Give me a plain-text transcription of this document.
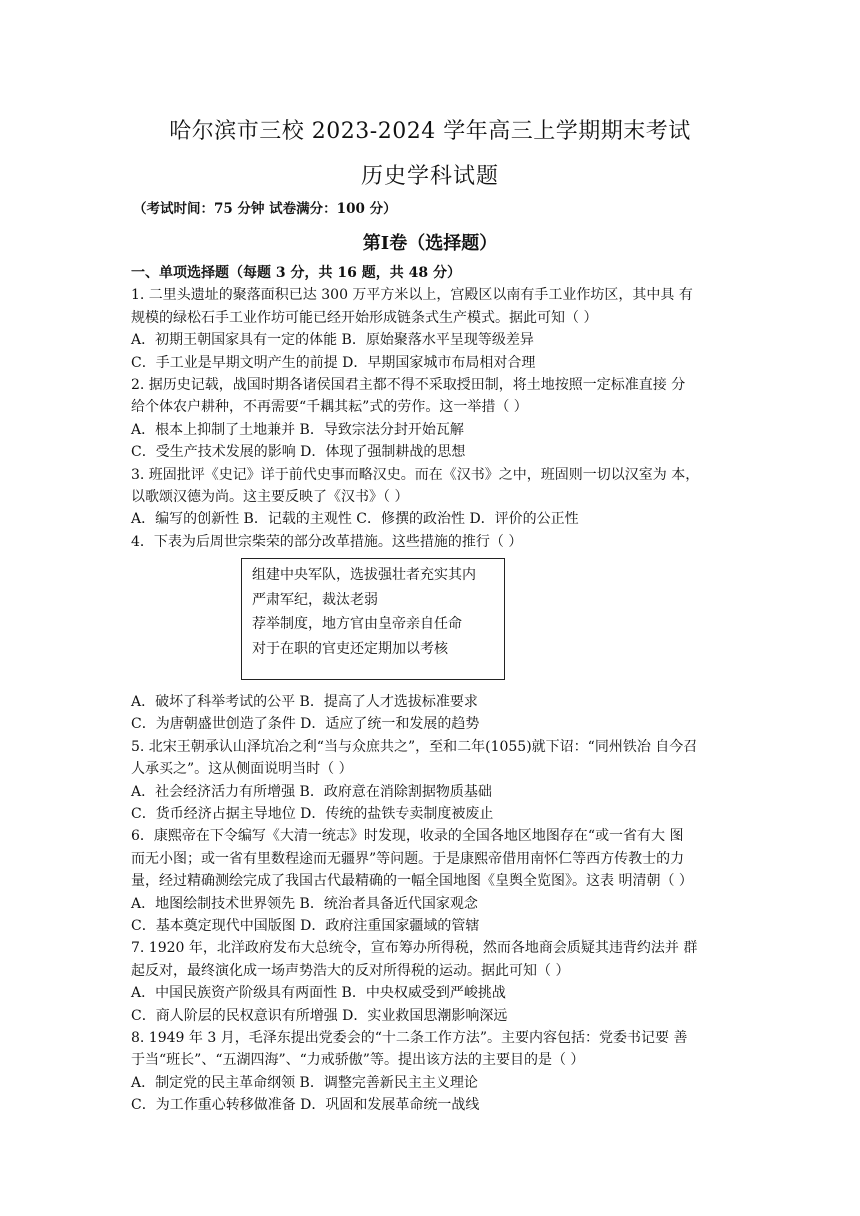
哈尔滨市三校 2023-2024 学年高三上学期期末考试
历史学科试题
（考试时间：75 分钟 试卷满分：100 分）
第Ⅰ卷（选择题）
一、单项选择题（每题 3 分，共 16 题，共 48 分）
1. 二里头遗址的聚落面积已达 300 万平方米以上，宫殿区以南有手工业作坊区，其中具 有
规模的绿松石手工业作坊可能已经开始形成链条式生产模式。据此可知（ ）
A．初期王朝国家具有一定的体能 B．原始聚落水平呈现等级差异
C．手工业是早期文明产生的前提 D．早期国家城市布局相对合理
2. 据历史记载，战国时期各诸侯国君主都不得不采取授田制，将土地按照一定标准直接 分
给个体农户耕种，不再需要“千耦其耘”式的劳作。这一举措（ ）
A．根本上抑制了土地兼并 B．导致宗法分封开始瓦解
C．受生产技术发展的影响 D．体现了强制耕战的思想
3. 班固批评《史记》详于前代史事而略汉史。而在《汉书》之中，班固则一切以汉室为 本，
以歌颂汉德为尚。这主要反映了《汉书》（ ）
A．编写的创新性 B．记载的主观性 C．修撰的政治性 D．评价的公正性
4．下表为后周世宗柴荣的部分改革措施。这些措施的推行（ ）
组建中央军队，选拔强壮者充实其内
严肃军纪，裁汰老弱
荐举制度，地方官由皇帝亲自任命
对于在职的官吏还定期加以考核
A．破坏了科举考试的公平 B．提高了人才选拔标准要求
C．为唐朝盛世创造了条件 D．适应了统一和发展的趋势
5. 北宋王朝承认山泽坑冶之利“当与众庶共之”，至和二年(1055)就下诏：“同州铁冶 自今召
人承买之”。这从侧面说明当时（ ）
A．社会经济活力有所增强 B．政府意在消除割据物质基础
C．货币经济占据主导地位 D．传统的盐铁专卖制度被废止
6．康熙帝在下令编写《大清一统志》时发现，收录的全国各地区地图存在“或一省有大 图
而无小图；或一省有里数程途而无疆界”等问题。于是康熙帝借用南怀仁等西方传教士的力
量，经过精确测绘完成了我国古代最精确的一幅全国地图《皇舆全览图》。这表 明清朝（ ）
A．地图绘制技术世界领先 B．统治者具备近代国家观念
C．基本奠定现代中国版图 D．政府注重国家疆域的管辖
7. 1920 年，北洋政府发布大总统令，宣布筹办所得税，然而各地商会质疑其违背约法并 群
起反对，最终演化成一场声势浩大的反对所得税的运动。据此可知（ ）
A．中国民族资产阶级具有两面性 B．中央权威受到严峻挑战
C．商人阶层的民权意识有所增强 D．实业救国思潮影响深远
8. 1949 年 3 月，毛泽东提出党委会的“十二条工作方法”。主要内容包括：党委书记要 善
于当“班长”、“五湖四海”、“力戒骄傲”等。提出该方法的主要目的是（ ）
A．制定党的民主革命纲领 B．调整完善新民主主义理论
C．为工作重心转移做准备 D．巩固和发展革命统一战线
